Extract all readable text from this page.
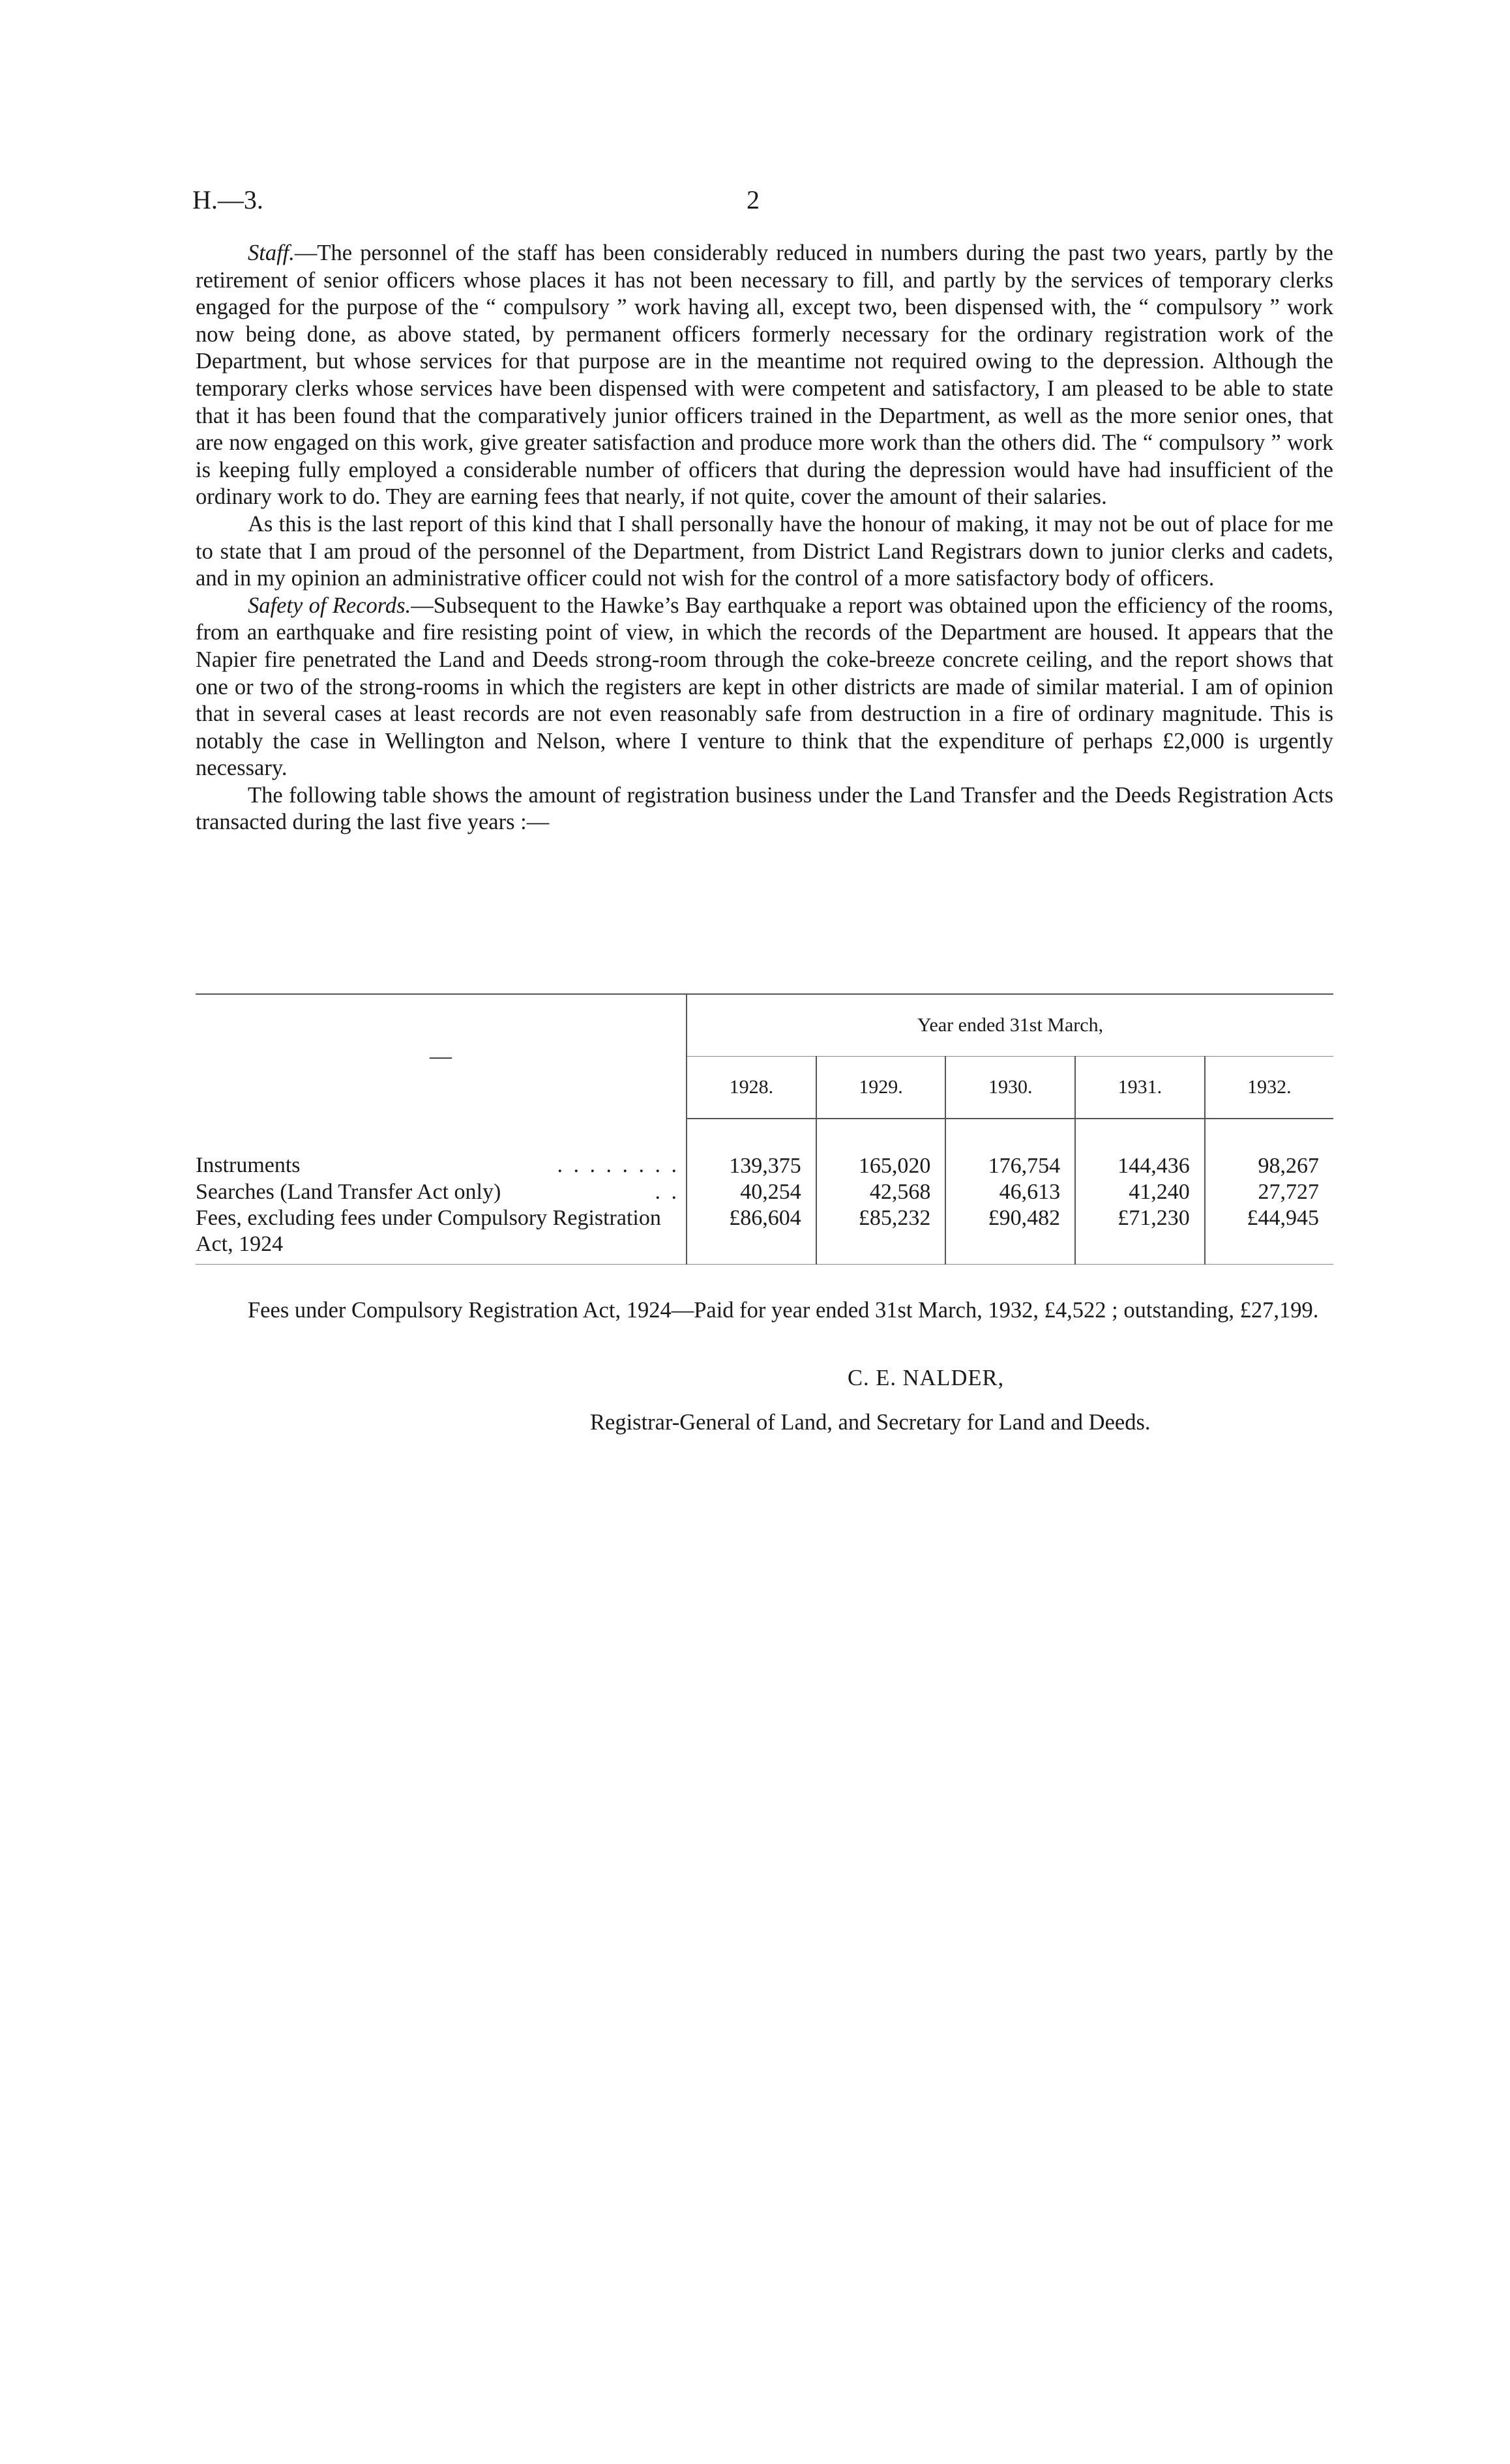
H.—3.	2

Staff.—The personnel of the staff has been considerably reduced in numbers during the past two years, partly by the retirement of senior officers whose places it has not been necessary to fill, and partly by the services of temporary clerks engaged for the purpose of the “ compulsory ” work having all, except two, been dispensed with, the “ compulsory ” work now being done, as above stated, by permanent officers formerly necessary for the ordinary registration work of the Department, but whose services for that purpose are in the meantime not required owing to the depression. Although the temporary clerks whose services have been dispensed with were competent and satisfactory, I am pleased to be able to state that it has been found that the comparatively junior officers trained in the Department, as well as the more senior ones, that are now engaged on this work, give greater satisfaction and produce more work than the others did. The “ compulsory ” work is keeping fully employed a considerable number of officers that during the depression would have had insufficient of the ordinary work to do. They are earning fees that nearly, if not quite, cover the amount of their salaries.

As this is the last report of this kind that I shall personally have the honour of making, it may not be out of place for me to state that I am proud of the personnel of the Department, from District Land Registrars down to junior clerks and cadets, and in my opinion an administrative officer could not wish for the control of a more satisfactory body of officers.

Safety of Records.—Subsequent to the Hawke’s Bay earthquake a report was obtained upon the efficiency of the rooms, from an earthquake and fire resisting point of view, in which the records of the Department are housed. It appears that the Napier fire penetrated the Land and Deeds strong-room through the coke-breeze concrete ceiling, and the report shows that one or two of the strong-rooms in which the registers are kept in other districts are made of similar material. I am of opinion that in several cases at least records are not even reasonably safe from destruction in a fire of ordinary magnitude. This is notably the case in Wellington and Nelson, where I venture to think that the expenditure of perhaps £2,000 is urgently necessary.

The following table shows the amount of registration business under the Land Transfer and the Deeds Registration Acts transacted during the last five years :—

—	Year ended 31st March,				
	1928.	1929.	1930.	1931.	1932.
Instruments . . . . . . . .	139,375	165,020	176,754	144,436	98,267
Searches (Land Transfer Act only) . .	40,254	42,568	46,613	41,240	27,727
Fees, excluding fees under Compulsory Registration Act, 1924	£86,604	£85,232	£90,482	£71,230	£44,945

Fees under Compulsory Registration Act, 1924—Paid for year ended 31st March, 1932, £4,522 ; outstanding, £27,199.

C. E. NALDER,
Registrar-General of Land, and Secretary for Land and Deeds.
